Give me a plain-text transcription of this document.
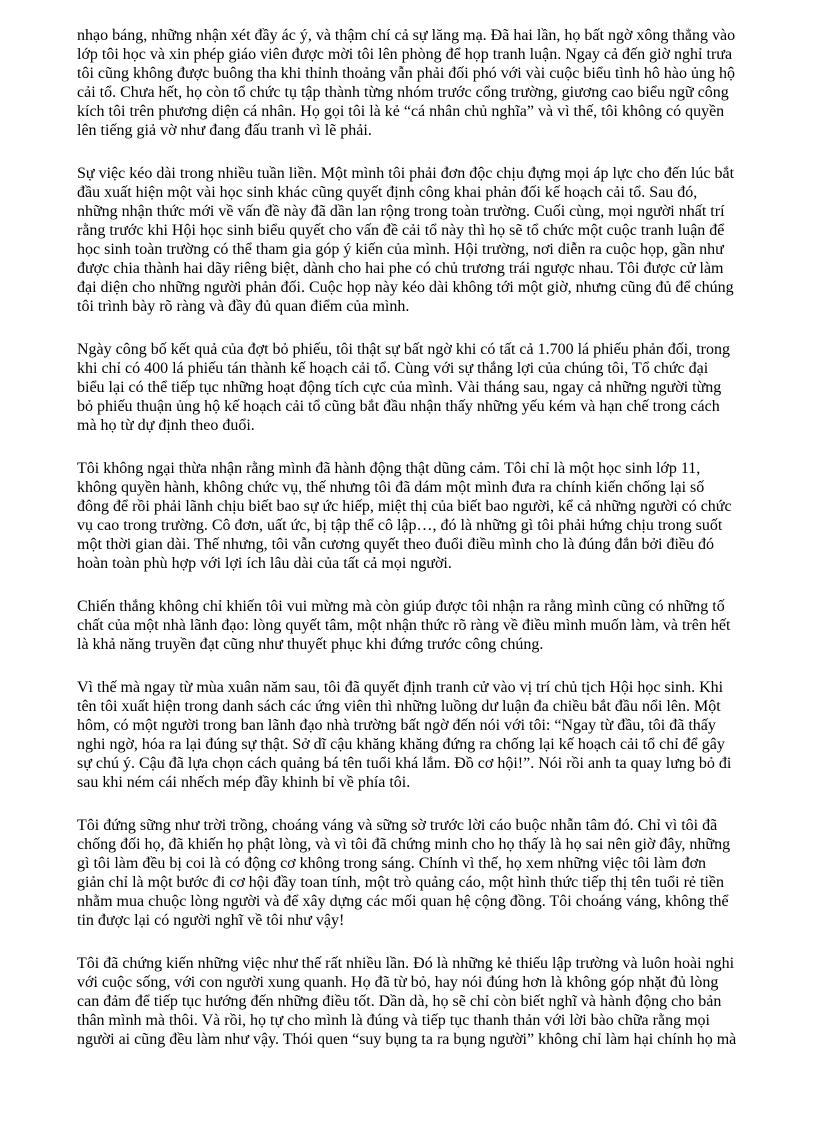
nhạo báng, những nhận xét đầy ác ý, và thậm chí cả sự lăng mạ. Đã hai lần, họ bất ngờ xông thẳng vào lớp tôi học và xin phép giáo viên được mời tôi lên phòng để họp tranh luận. Ngay cả đến giờ nghỉ trưa tôi cũng không được buông tha khi thỉnh thoảng vẫn phải đối phó với vài cuộc biểu tình hô hào ủng hộ cải tổ. Chưa hết, họ còn tổ chức tụ tập thành từng nhóm trước cổng trường, giương cao biểu ngữ công kích tôi trên phương diện cá nhân. Họ gọi tôi là kẻ “cá nhân chủ nghĩa” và vì thế, tôi không có quyền lên tiếng giả vờ như đang đấu tranh vì lẽ phải.

Sự việc kéo dài trong nhiều tuần liền. Một mình tôi phải đơn độc chịu đựng mọi áp lực cho đến lúc bắt đầu xuất hiện một vài học sinh khác cũng quyết định công khai phản đối kế hoạch cải tổ. Sau đó, những nhận thức mới về vấn đề này đã dần lan rộng trong toàn trường. Cuối cùng, mọi người nhất trí rằng trước khi Hội học sinh biểu quyết cho vấn đề cải tổ này thì họ sẽ tổ chức một cuộc tranh luận để học sinh toàn trường có thể tham gia góp ý kiến của mình. Hội trường, nơi diễn ra cuộc họp, gần như được chia thành hai dãy riêng biệt, dành cho hai phe có chủ trương trái ngược nhau. Tôi được cử làm đại diện cho những người phản đối. Cuộc họp này kéo dài không tới một giờ, nhưng cũng đủ để chúng tôi trình bày rõ ràng và đầy đủ quan điểm của mình.

Ngày công bố kết quả của đợt bỏ phiếu, tôi thật sự bất ngờ khi có tất cả 1.700 lá phiếu phản đối, trong khi chỉ có 400 lá phiếu tán thành kế hoạch cải tổ. Cùng với sự thắng lợi của chúng tôi, Tổ chức đại biểu lại có thể tiếp tục những hoạt động tích cực của mình. Vài tháng sau, ngay cả những người từng bỏ phiếu thuận ủng hộ kế hoạch cải tổ cũng bắt đầu nhận thấy những yếu kém và hạn chế trong cách mà họ từ dự định theo đuổi.

Tôi không ngại thừa nhận rằng mình đã hành động thật dũng cảm. Tôi chỉ là một học sinh lớp 11, không quyền hành, không chức vụ, thế nhưng tôi đã dám một mình đưa ra chính kiến chống lại số đông để rồi phải lãnh chịu biết bao sự ức hiếp, miệt thị của biết bao người, kể cả những người có chức vụ cao trong trường. Cô đơn, uất ức, bị tập thể cô lập…, đó là những gì tôi phải hứng chịu trong suốt một thời gian dài. Thế nhưng, tôi vẫn cương quyết theo đuổi điều mình cho là đúng đắn bởi điều đó hoàn toàn phù hợp với lợi ích lâu dài của tất cả mọi người.

Chiến thắng không chỉ khiến tôi vui mừng mà còn giúp được tôi nhận ra rằng mình cũng có những tố chất của một nhà lãnh đạo: lòng quyết tâm, một nhận thức rõ ràng về điều mình muốn làm, và trên hết là khả năng truyền đạt cũng như thuyết phục khi đứng trước công chúng.

Vì thế mà ngay từ mùa xuân năm sau, tôi đã quyết định tranh cử vào vị trí chủ tịch Hội học sinh. Khi tên tôi xuất hiện trong danh sách các ứng viên thì những luồng dư luận đa chiều bắt đầu nổi lên. Một hôm, có một người trong ban lãnh đạo nhà trường bất ngờ đến nói với tôi: “Ngay từ đầu, tôi đã thấy nghi ngờ, hóa ra lại đúng sự thật. Sở dĩ cậu khăng khăng đứng ra chống lại kế hoạch cải tổ chỉ để gây sự chú ý. Cậu đã lựa chọn cách quảng bá tên tuổi khá lắm. Đồ cơ hội!”. Nói rồi anh ta quay lưng bỏ đi sau khi ném cái nhếch mép đầy khinh bỉ về phía tôi.

Tôi đứng sững như trời trồng, choáng váng và sững sờ trước lời cáo buộc nhẫn tâm đó. Chỉ vì tôi đã chống đối họ, đã khiến họ phật lòng, và vì tôi đã chứng minh cho họ thấy là họ sai nên giờ đây, những gì tôi làm đều bị coi là có động cơ không trong sáng. Chính vì thế, họ xem những việc tôi làm đơn giản chỉ là một bước đi cơ hội đầy toan tính, một trò quảng cáo, một hình thức tiếp thị tên tuổi rẻ tiền nhằm mua chuộc lòng người và để xây dựng các mối quan hệ cộng đồng. Tôi choáng váng, không thể tin được lại có người nghĩ về tôi như vậy!

Tôi đã chứng kiến những việc như thế rất nhiều lần. Đó là những kẻ thiếu lập trường và luôn hoài nghi với cuộc sống, với con người xung quanh. Họ đã từ bỏ, hay nói đúng hơn là không góp nhặt đủ lòng can đảm để tiếp tục hướng đến những điều tốt. Dần dà, họ sẽ chỉ còn biết nghĩ và hành động cho bản thân mình mà thôi. Và rồi, họ tự cho mình là đúng và tiếp tục thanh thản với lời bào chữa rằng mọi người ai cũng đều làm như vậy. Thói quen “suy bụng ta ra bụng người” không chỉ làm hại chính họ mà
